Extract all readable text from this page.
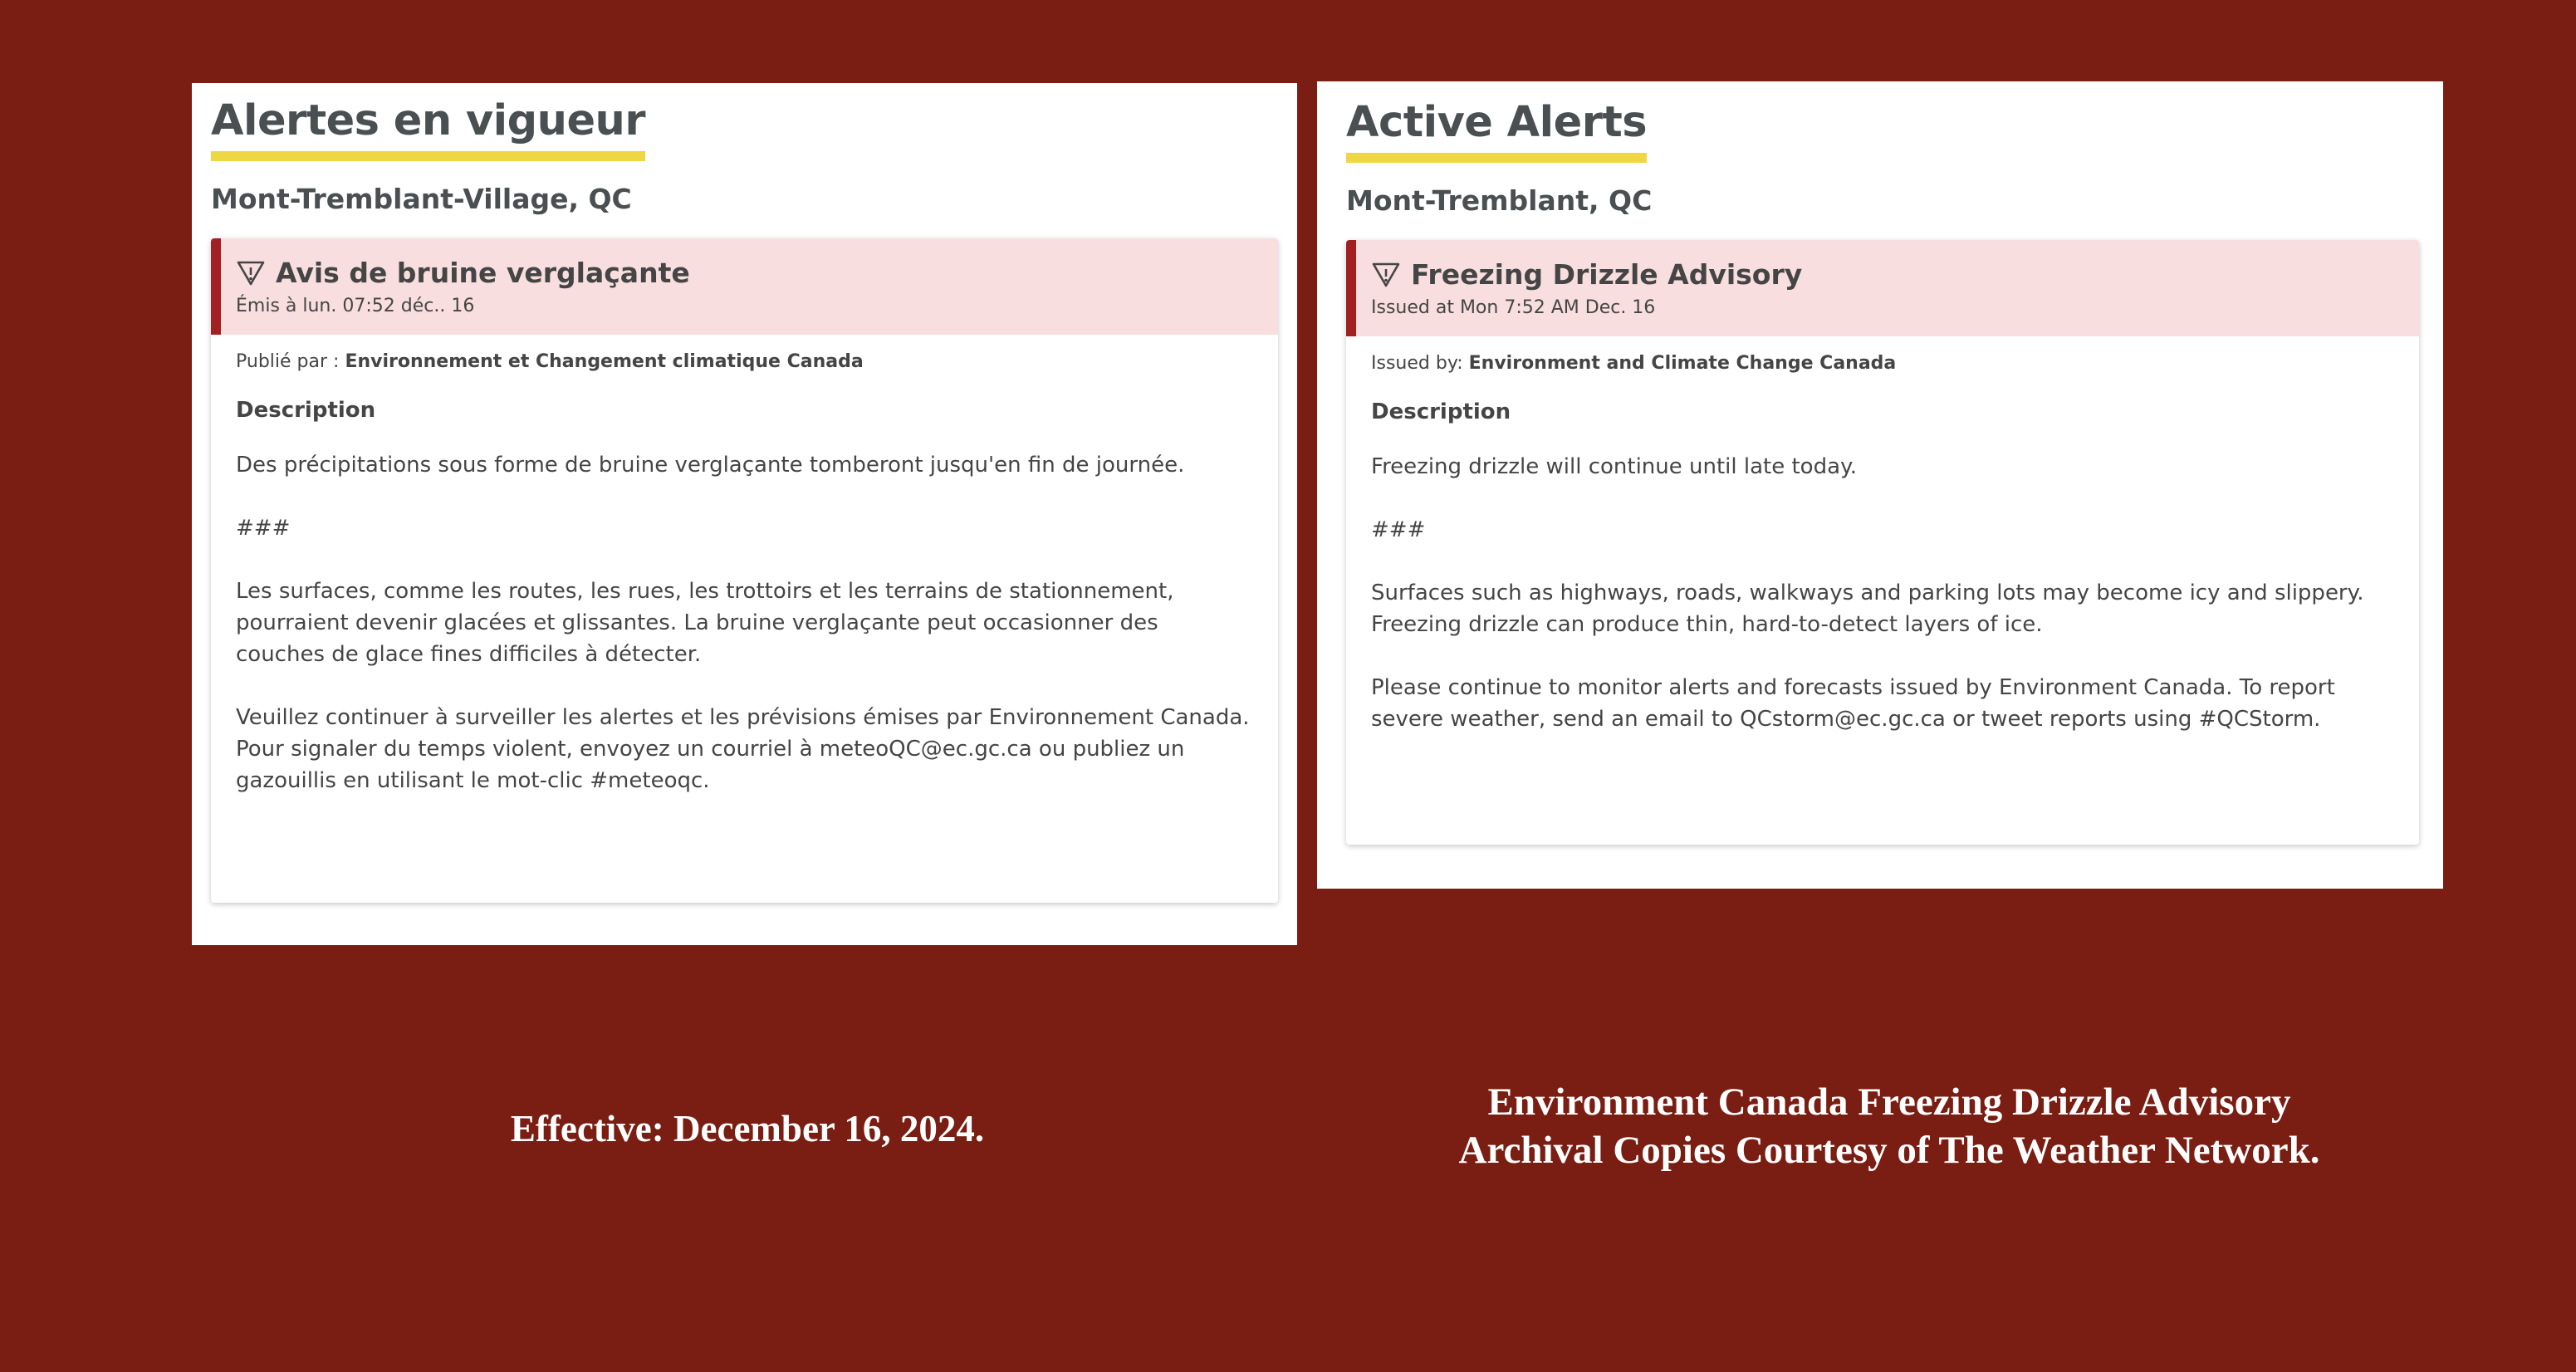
Alertes en vigueur
Mont-Tremblant-Village, QC
Avis de bruine verglaçante
Émis à lun. 07:52 déc.. 16

Publié par : Environnement et Changement climatique Canada

Description

Des précipitations sous forme de bruine verglaçante tomberont jusqu'en fin de journée.

###

Les surfaces, comme les routes, les rues, les trottoirs et les terrains de stationnement, pourraient devenir glacées et glissantes. La bruine verglaçante peut occasionner des couches de glace fines difficiles à détecter.

Veuillez continuer à surveiller les alertes et les prévisions émises par Environnement Canada. Pour signaler du temps violent, envoyez un courriel à meteoQC@ec.gc.ca ou publiez un gazouillis en utilisant le mot-clic #meteoqc.

Active Alerts
Mont-Tremblant, QC
Freezing Drizzle Advisory
Issued at Mon 7:52 AM Dec. 16

Issued by: Environment and Climate Change Canada

Description

Freezing drizzle will continue until late today.

###

Surfaces such as highways, roads, walkways and parking lots may become icy and slippery. Freezing drizzle can produce thin, hard-to-detect layers of ice.

Please continue to monitor alerts and forecasts issued by Environment Canada. To report severe weather, send an email to QCstorm@ec.gc.ca or tweet reports using #QCStorm.

Effective: December 16, 2024.
Environment Canada Freezing Drizzle Advisory
Archival Copies Courtesy of The Weather Network.
